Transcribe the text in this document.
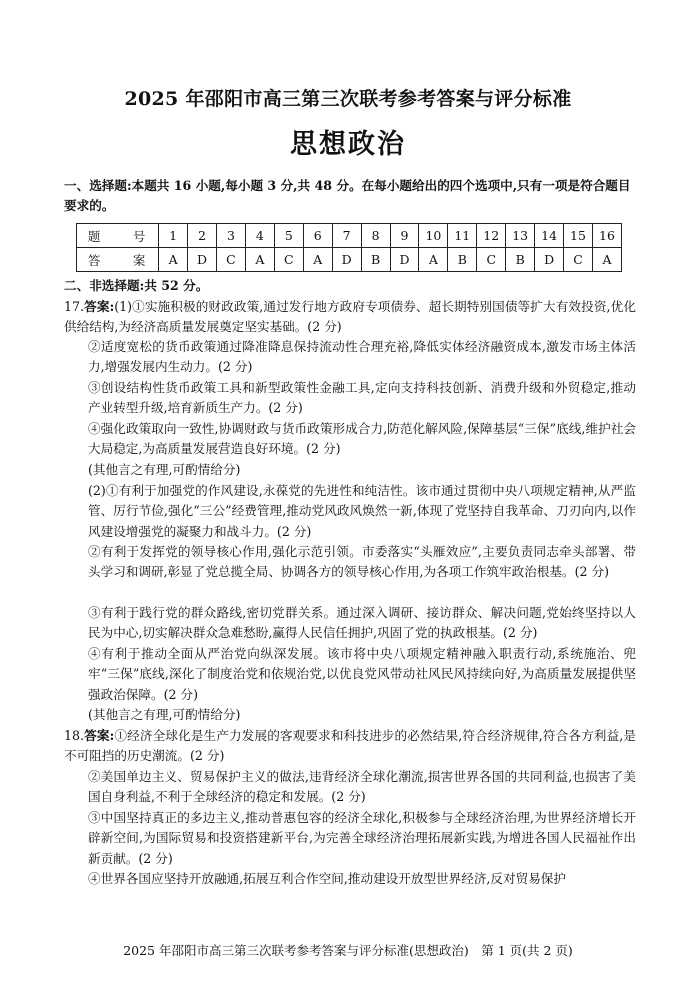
2025 年邵阳市高三第三次联考参考答案与评分标准
思想政治
一、选择题:本题共 16 小题,每小题 3 分,共 48 分。在每小题给出的四个选项中,只有一项是符合题目要求的。
题　号	1	2	3	4	5	6	7	8	9	10	11	12	13	14	15	16
答　案	A	D	C	A	C	A	D	B	D	A	B	C	B	D	C	A
二、非选择题:共 52 分。
17.答案:(1)①实施积极的财政政策,通过发行地方政府专项债券、超长期特别国债等扩大有效投资,优化供给结构,为经济高质量发展奠定坚实基础。(2 分)
②适度宽松的货币政策通过降准降息保持流动性合理充裕,降低实体经济融资成本,激发市场主体活力,增强发展内生动力。(2 分)
③创设结构性货币政策工具和新型政策性金融工具,定向支持科技创新、消费升级和外贸稳定,推动产业转型升级,培育新质生产力。(2 分)
④强化政策取向一致性,协调财政与货币政策形成合力,防范化解风险,保障基层“三保”底线,维护社会大局稳定,为高质量发展营造良好环境。(2 分)
(其他言之有理,可酌情给分)
(2)①有利于加强党的作风建设,永葆党的先进性和纯洁性。该市通过贯彻中央八项规定精神,从严监管、厉行节俭,强化“三公”经费管理,推动党风政风焕然一新,体现了党坚持自我革命、刀刃向内,以作风建设增强党的凝聚力和战斗力。(2 分)
②有利于发挥党的领导核心作用,强化示范引领。市委落实“头雁效应”,主要负责同志牵头部署、带头学习和调研,彰显了党总揽全局、协调各方的领导核心作用,为各项工作筑牢政治根基。(2 分)
③有利于践行党的群众路线,密切党群关系。通过深入调研、接访群众、解决问题,党始终坚持以人民为中心,切实解决群众急难愁盼,赢得人民信任拥护,巩固了党的执政根基。(2 分)
④有利于推动全面从严治党向纵深发展。该市将中央八项规定精神融入职责行动,系统施治、兜牢“三保”底线,深化了制度治党和依规治党,以优良党风带动社风民风持续向好,为高质量发展提供坚强政治保障。(2 分)
(其他言之有理,可酌情给分)
18.答案:①经济全球化是生产力发展的客观要求和科技进步的必然结果,符合经济规律,符合各方利益,是不可阻挡的历史潮流。(2 分)
②美国单边主义、贸易保护主义的做法,违背经济全球化潮流,损害世界各国的共同利益,也损害了美国自身利益,不利于全球经济的稳定和发展。(2 分)
③中国坚持真正的多边主义,推动普惠包容的经济全球化,积极参与全球经济治理,为世界经济增长开辟新空间,为国际贸易和投资搭建新平台,为完善全球经济治理拓展新实践,为增进各国人民福祉作出新贡献。(2 分)
④世界各国应坚持开放融通,拓展互利合作空间,推动建设开放型世界经济,反对贸易保护
2025 年邵阳市高三第三次联考参考答案与评分标准(思想政治)　第 1 页(共 2 页)
